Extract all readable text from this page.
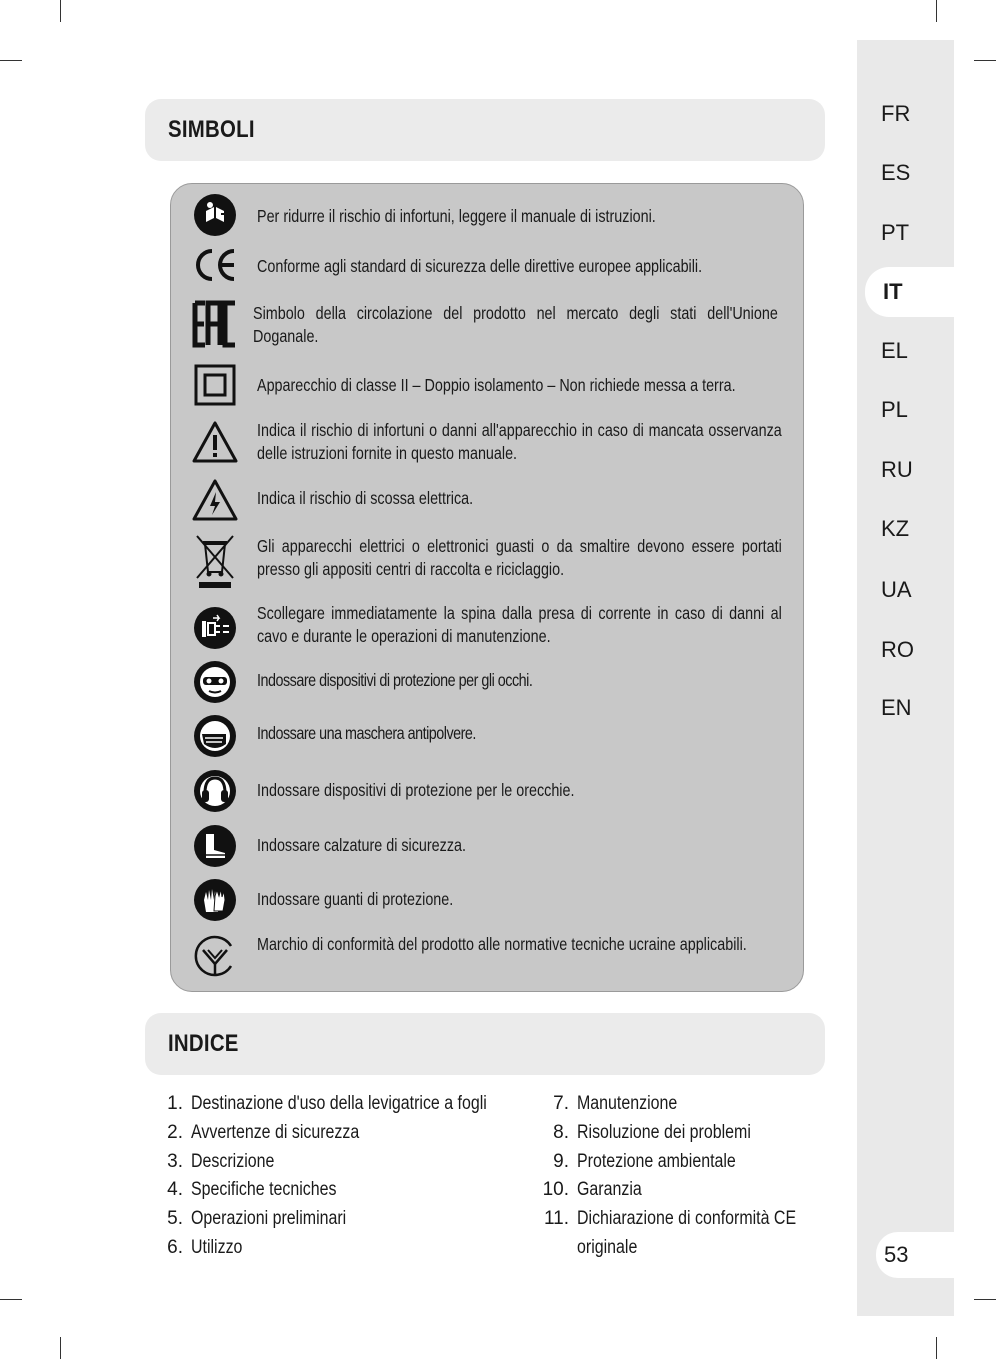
SIMBOLI
Per ridurre il rischio di infortuni, leggere il manuale di istruzioni.
Conforme agli standard di sicurezza delle direttive europee applicabili.
Simbolo della circolazione del prodotto nel mercato degli stati dell'Unione Doganale.
Apparecchio di classe II – Doppio isolamento – Non richiede messa a terra.
Indica il rischio di infortuni o danni all'apparecchio in caso di mancata osservanza delle istruzioni fornite in questo manuale.
Indica il rischio di scossa elettrica.
Gli apparecchi elettrici o elettronici guasti o da smaltire devono essere portati presso gli appositi centri di raccolta e riciclaggio.
Scollegare immediatamente la spina dalla presa di corrente in caso di danni al cavo e durante le operazioni di manutenzione.
Indossare dispositivi di protezione per gli occhi.
Indossare una maschera antipolvere.
Indossare dispositivi di protezione per le orecchie.
Indossare calzature di sicurezza.
Indossare guanti di protezione.
Marchio di conformità del prodotto alle normative tecniche ucraine applicabili.
INDICE
1. Destinazione d'uso della levigatrice a fogli
2. Avvertenze di sicurezza
3. Descrizione
4. Specifiche tecniches
5. Operazioni preliminari
6. Utilizzo
7. Manutenzione
8. Risoluzione dei problemi
9. Protezione ambientale
10. Garanzia
11. Dichiarazione di conformità CE
originale
FR
ES
PT
IT
EL
PL
RU
KZ
UA
RO
EN
53
